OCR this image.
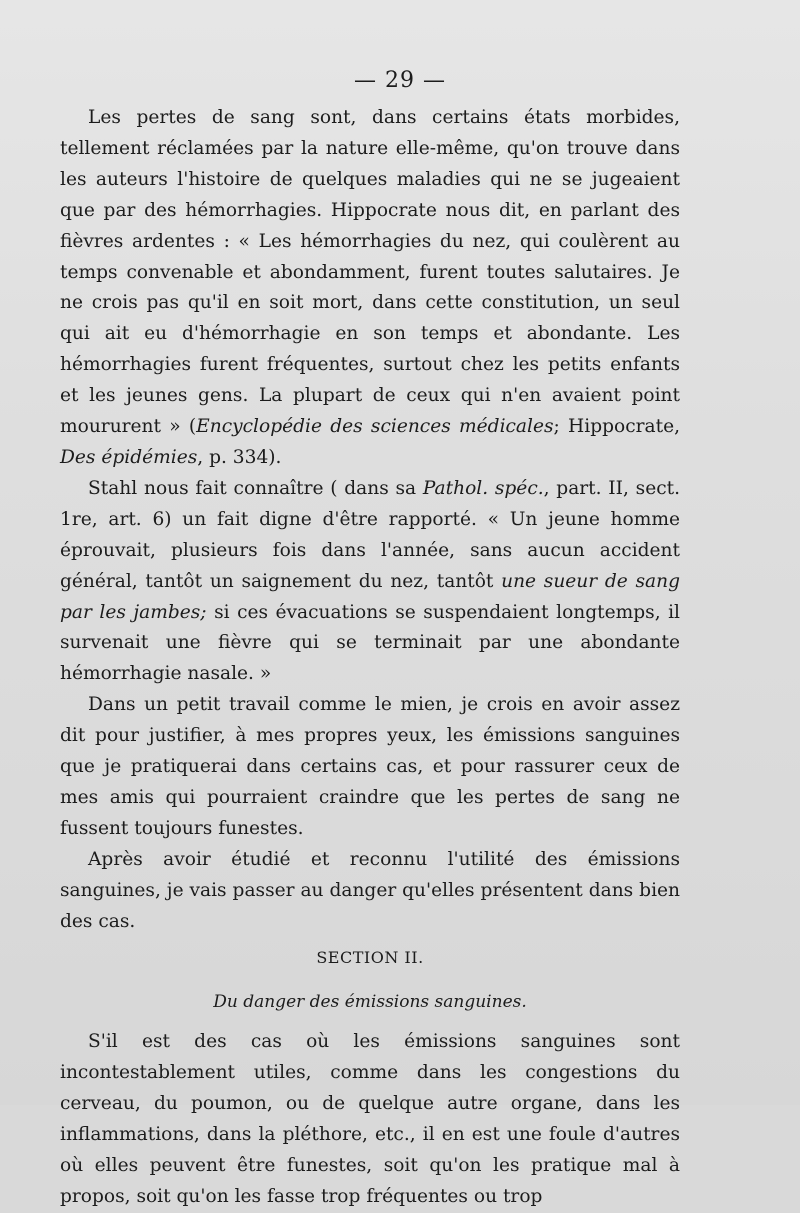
— 29 —

Les pertes de sang sont, dans certains états morbides, tellement réclamées par la nature elle-même, qu'on trouve dans les auteurs l'histoire de quelques maladies qui ne se jugeaient que par des hémorrhagies. Hippocrate nous dit, en parlant des fièvres ardentes : « Les hémorrhagies du nez, qui coulèrent au temps convenable et abondamment, furent toutes salutaires. Je ne crois pas qu'il en soit mort, dans cette constitution, un seul qui ait eu d'hémorrhagie en son temps et abondante. Les hémorrhagies furent fréquentes, surtout chez les petits enfants et les jeunes gens. La plupart de ceux qui n'en avaient point moururent » (Encyclopédie des sciences médicales; Hippocrate, Des épidémies, p. 334).

Stahl nous fait connaître ( dans sa Pathol. spéc., part. II, sect. 1re, art. 6) un fait digne d'être rapporté. « Un jeune homme éprouvait, plusieurs fois dans l'année, sans aucun accident général, tantôt un saignement du nez, tantôt une sueur de sang par les jambes; si ces évacuations se suspendaient longtemps, il survenait une fièvre qui se terminait par une abondante hémorrhagie nasale. »

Dans un petit travail comme le mien, je crois en avoir assez dit pour justifier, à mes propres yeux, les émissions sanguines que je pratiquerai dans certains cas, et pour rassurer ceux de mes amis qui pourraient craindre que les pertes de sang ne fussent toujours funestes.

Après avoir étudié et reconnu l'utilité des émissions sanguines, je vais passer au danger qu'elles présentent dans bien des cas.

SECTION II.
Du danger des émissions sanguines.

S'il est des cas où les émissions sanguines sont incontestablement utiles, comme dans les congestions du cerveau, du poumon, ou de quelque autre organe, dans les inflammations, dans la pléthore, etc., il en est une foule d'autres où elles peuvent être funestes, soit qu'on les pratique mal à propos, soit qu'on les fasse trop fréquentes ou trop
